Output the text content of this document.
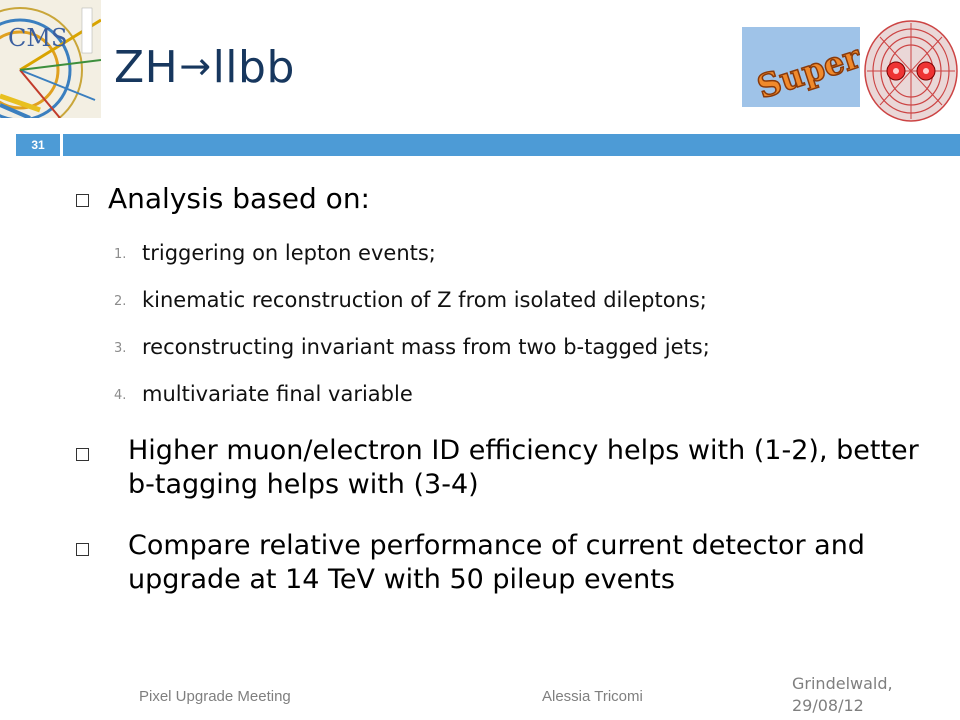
CMS
ZH→llbb	Super
31
Analysis based on:
1. triggering on lepton events;
2. kinematic reconstruction of Z from isolated dileptons;
3. reconstructing invariant mass from two b-tagged jets;
4. multivariate final variable
Higher muon/electron ID efficiency helps with (1-2), better b-tagging helps with (3-4)
Compare relative performance of current detector and upgrade at 14 TeV with 50 pileup events
Pixel Upgrade Meeting	Alessia Tricomi
Grindelwald, 29/08/12
